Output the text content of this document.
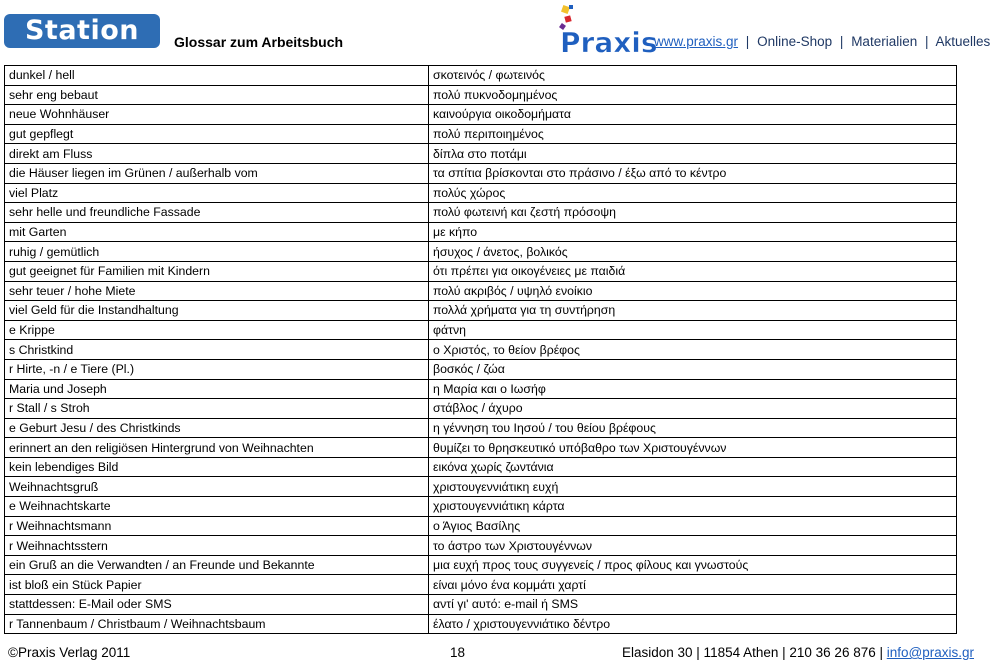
Station B2
Glossar zum Arbeitsbuch	Praxis
www.praxis.gr | Online-Shop | Materialien | Aktuelles
dunkel / hell	σκοτεινός / φωτεινός
sehr eng bebaut	πολύ πυκνοδομημένος
neue Wohnhäuser	καινούργια οικοδομήματα
gut gepflegt	πολύ περιποιημένος
direkt am Fluss	δίπλα στο ποτάμι
die Häuser liegen im Grünen / außerhalb vom	τα σπίτια βρίσκονται στο πράσινο / έξω από το κέντρο
viel Platz	πολύς χώρος
sehr helle und freundliche Fassade	πολύ φωτεινή και ζεστή πρόσοψη
mit Garten	με κήπο
ruhig / gemütlich	ήσυχος / άνετος, βολικός
gut geeignet für Familien mit Kindern	ότι πρέπει για οικογένειες με παιδιά
sehr teuer / hohe Miete	πολύ ακριβός / υψηλό ενοίκιο
viel Geld für die Instandhaltung	πολλά χρήματα για τη συντήρηση
e Krippe	φάτνη
s Christkind	ο Χριστός, το θείον βρέφος
r Hirte, -n / e Tiere (Pl.)	βοσκός / ζώα
Maria und Joseph	η Μαρία και ο Ιωσήφ
r Stall / s Stroh	στάβλος / άχυρο
e Geburt Jesu / des Christkinds	η γέννηση του Ιησού / του θείου βρέφους
erinnert an den religiösen Hintergrund von Weihnachten	θυμίζει το θρησκευτικό υπόβαθρο των Χριστουγέννων
kein lebendiges Bild	εικόνα χωρίς ζωντάνια
Weihnachtsgruß	χριστουγεννιάτικη ευχή
e Weihnachtskarte	χριστουγεννιάτικη κάρτα
r Weihnachtsmann	ο Άγιος Βασίλης
r Weihnachtsstern	το άστρο των Χριστουγέννων
ein Gruß an die Verwandten / an Freunde und Bekannte	μια ευχή προς τους συγγενείς / προς φίλους και γνωστούς
ist bloß ein Stück Papier	είναι μόνο ένα κομμάτι χαρτί
stattdessen: E-Mail oder SMS	αντί γι' αυτό: e-mail ή SMS
r Tannenbaum / Christbaum / Weihnachtsbaum	έλατο / χριστουγεννιάτικο δέντρο
©Praxis Verlag 2011	18	Elasidon 30 | 11854 Athen | 210 36 26 876 | info@praxis.gr
